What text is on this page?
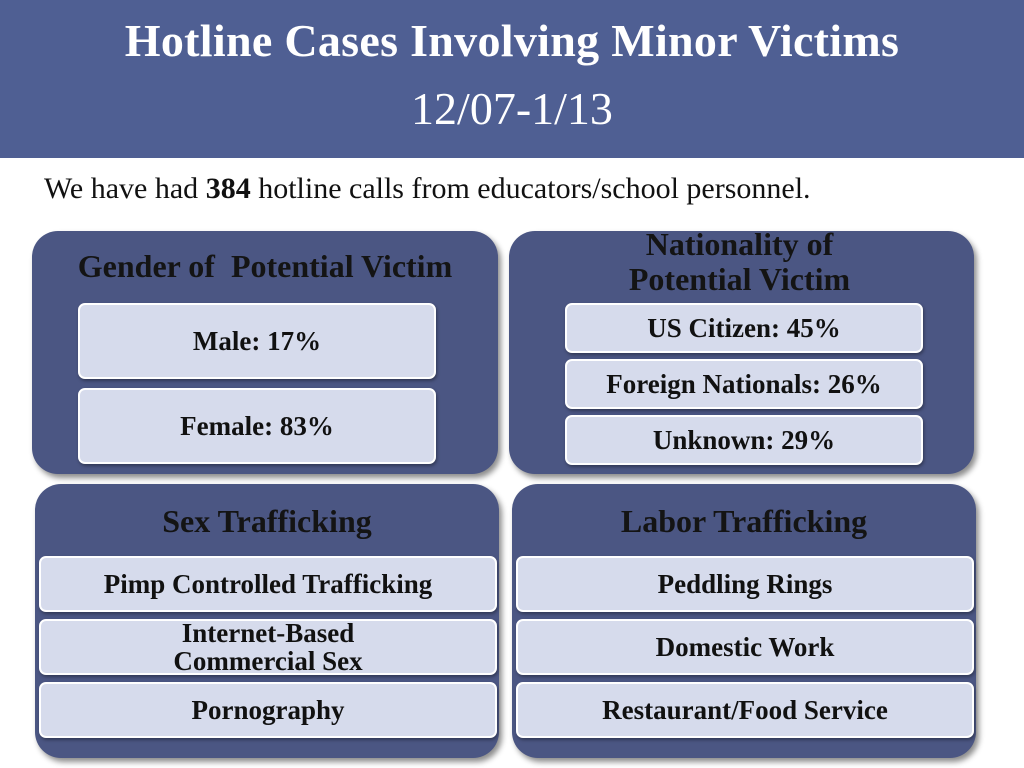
Hotline Cases Involving Minor Victims
12/07-1/13
We have had 384 hotline calls from educators/school personnel.
Gender of  Potential Victim
Male: 17%
Female: 83%
Nationality of
Potential Victim
US Citizen: 45%
Foreign Nationals: 26%
Unknown: 29%
Sex Trafficking
Pimp Controlled Trafficking
Internet-Based
Commercial Sex
Pornography
Labor Trafficking
Peddling Rings
Domestic Work
Restaurant/Food Service
